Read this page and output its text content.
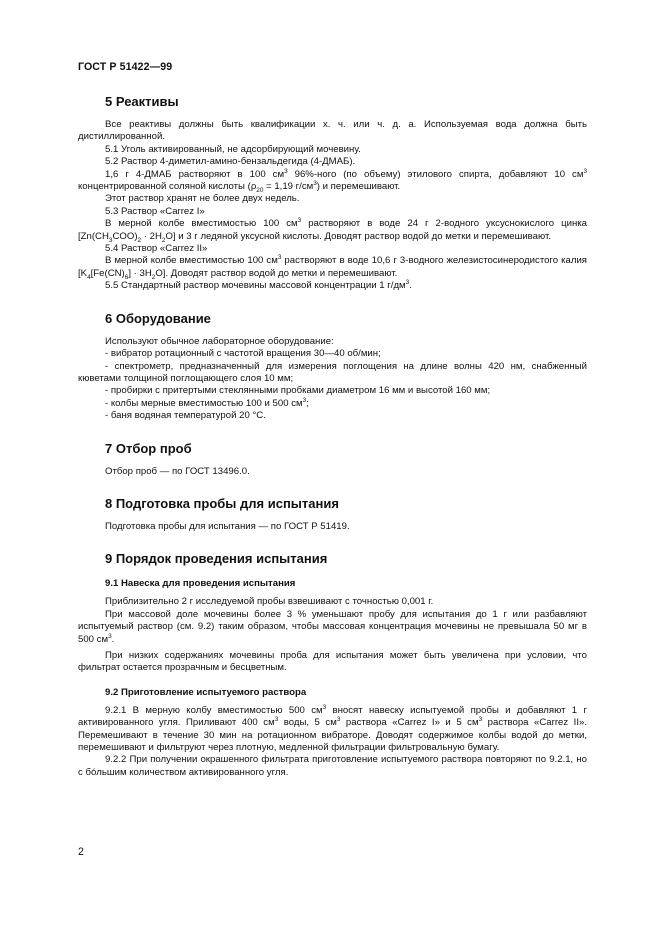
ГОСТ Р 51422—99
5 Реактивы

Все реактивы должны быть квалификации х. ч. или ч. д. а. Используемая вода должна быть дистиллированной.

5.1 Уголь активированный, не адсорбирующий мочевину.

5.2 Раствор 4-диметил-амино-бензальдегида (4-ДМАБ).

1,6 г 4-ДМАБ растворяют в 100 $см^3$ 96%-ного (по объему) этилового спирта, добавляют 10 $см^3$ концентрированной соляной кислоты ($\rho_{20} = 1,19$ $г/см^3$) и перемешивают.

Этот раствор хранят не более двух недель.

5.3 Раствор «Carrez I»

В мерной колбе вместимостью 100 $см^3$ растворяют в воде 24 г 2-водного уксуснокислого цинка $[Zn(CH_3COO)_2 \cdot 2H_2O]$ и 3 г ледяной уксусной кислоты. Доводят раствор водой до метки и перемешивают.

5.4 Раствор «Carrez II»

В мерной колбе вместимостью 100 $см^3$ растворяют в воде 10,6 г 3-водного железистосинеродистого калия $[K_4[Fe(CN)_6] \cdot 3H_2O]$. Доводят раствор водой до метки и перемешивают.

5.5 Стандартный раствор мочевины массовой концентрации 1 $г/дм^3$.

6 Оборудование

Используют обычное лабораторное оборудование:

- вибратор ротационный с частотой вращения 30—40 об/мин;

- спектрометр, предназначенный для измерения поглощения на длине волны 420 нм, снабженный кюветами толщиной поглощающего слоя 10 мм;

- пробирки с притертыми стеклянными пробками диаметром 16 мм и высотой 160 мм;

- колбы мерные вместимостью 100 и 500 $см^3$;

- баня водяная температурой 20 °С.

7 Отбор проб

Отбор проб — по ГОСТ 13496.0.

8 Подготовка пробы для испытания

Подготовка пробы для испытания — по ГОСТ Р 51419.

9 Порядок проведения испытания
9.1 Навеска для проведения испытания

Приблизительно 2 г исследуемой пробы взвешивают с точностью 0,001 г.

При массовой доле мочевины более 3 % уменьшают пробу для испытания до 1 г или разбавляют испытуемый раствор (см. 9.2) таким образом, чтобы массовая концентрация мочевины не превышала 50 мг в 500 $см^3$.

При низких содержаниях мочевины проба для испытания может быть увеличена при условии, что фильтрат остается прозрачным и бесцветным.

9.2 Приготовление испытуемого раствора

9.2.1 В мерную колбу вместимостью 500 $см^3$ вносят навеску испытуемой пробы и добавляют 1 г активированного угля. Приливают 400 $см^3$ воды, 5 $см^3$ раствора «Carrez I» и 5 $см^3$ раствора «Carrez II». Перемешивают в течение 30 мин на ротационном вибраторе. Доводят содержимое колбы водой до метки, перемешивают и фильтруют через плотную, медленной фильтрации фильтровальную бумагу.

9.2.2 При получении окрашенного фильтрата приготовление испытуемого раствора повторяют по 9.2.1, но с бóльшим количеством активированного угля.

2
